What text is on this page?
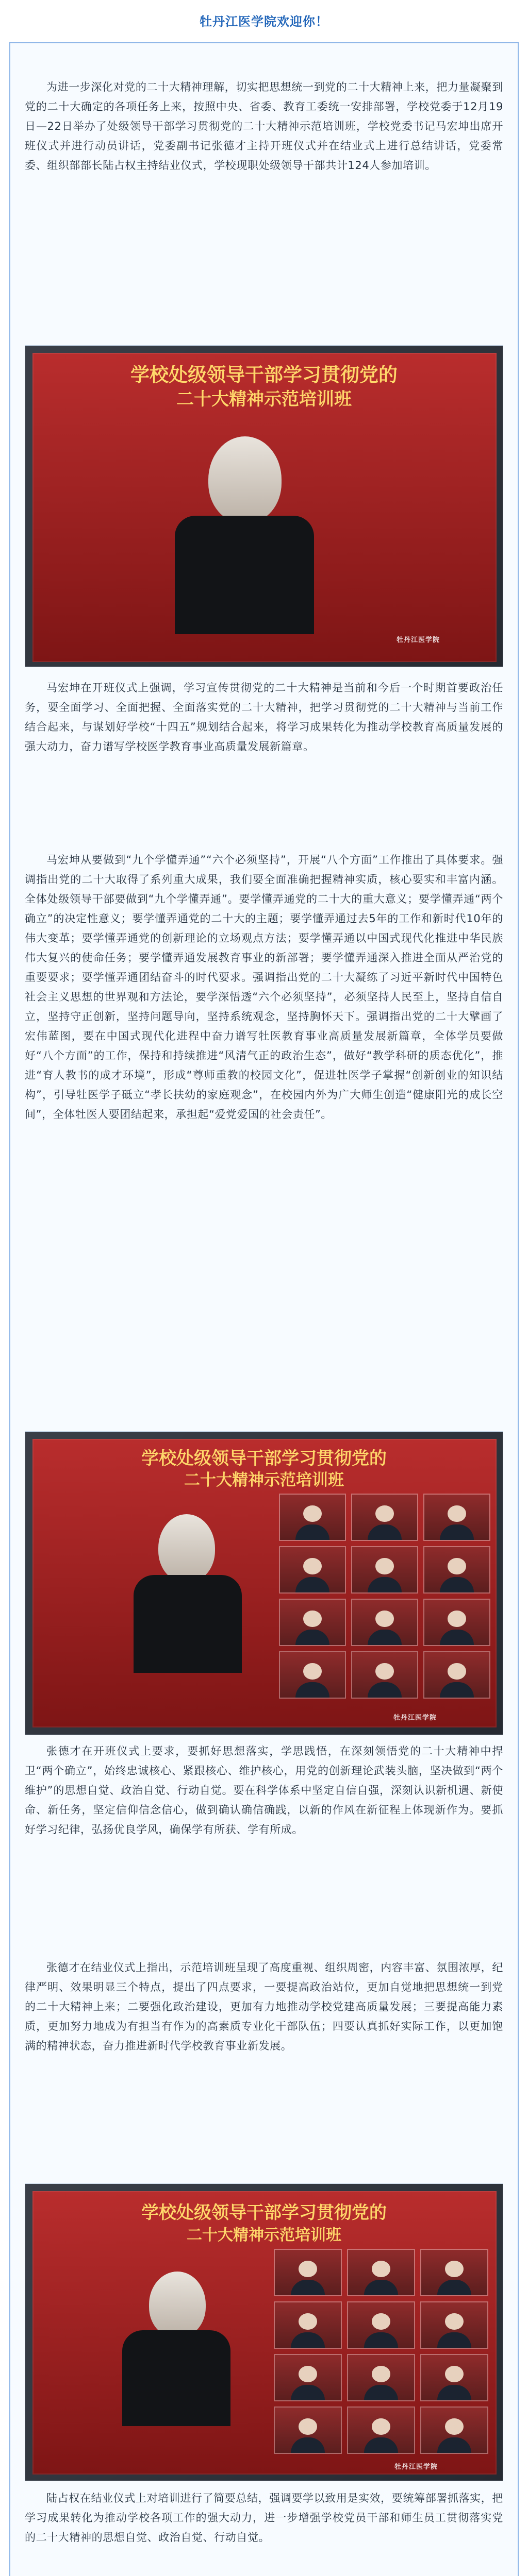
牡丹江医学院欢迎你！
为进一步深化对党的二十大精神理解，切实把思想统一到党的二十大精神上来，把力量凝聚到党的二十大确定的各项任务上来，按照中央、省委、教育工委统一安排部署，学校党委于12月19日—22日举办了处级领导干部学习贯彻党的二十大精神示范培训班，学校党委书记马宏坤出席开班仪式并进行动员讲话，党委副书记张德才主持开班仪式并在结业式上进行总结讲话，党委常委、组织部部长陆占权主持结业仪式，学校现职处级领导干部共计124人参加培训。
学校处级领导干部学习贯彻党的
二十大精神示范培训班
牡丹江医学院
马宏坤在开班仪式上强调，学习宣传贯彻党的二十大精神是当前和今后一个时期首要政治任务，要全面学习、全面把握、全面落实党的二十大精神，把学习贯彻党的二十大精神与当前工作结合起来，与谋划好学校“十四五”规划结合起来，将学习成果转化为推动学校教育高质量发展的强大动力，奋力谱写学校医学教育事业高质量发展新篇章。
马宏坤从要做到“九个学懂弄通”“六个必须坚持”，开展“八个方面”工作推出了具体要求。强调指出党的二十大取得了系列重大成果，我们要全面准确把握精神实质，核心要实和丰富内涵。全体处级领导干部要做到“九个学懂弄通”。要学懂弄通党的二十大的重大意义；要学懂弄通“两个确立”的决定性意义；要学懂弄通党的二十大的主题；要学懂弄通过去5年的工作和新时代10年的伟大变革；要学懂弄通党的创新理论的立场观点方法；要学懂弄通以中国式现代化推进中华民族伟大复兴的使命任务；要学懂弄通发展教育事业的新部署；要学懂弄通深入推进全面从严治党的重要要求；要学懂弄通团结奋斗的时代要求。强调指出党的二十大凝练了习近平新时代中国特色社会主义思想的世界观和方法论，要学深悟透“六个必须坚持”，必须坚持人民至上，坚持自信自立，坚持守正创新，坚持问题导向，坚持系统观念，坚持胸怀天下。强调指出党的二十大擘画了宏伟蓝图，要在中国式现代化进程中奋力谱写牡医教育事业高质量发展新篇章，全体学员要做好“八个方面”的工作，保持和持续推进“风清气正的政治生态”，做好“教学科研的质态优化”，推进“育人教书的成才环境”，形成“尊师重教的校园文化”，促进牡医学子掌握“创新创业的知识结构”，引导牡医学子砥立“孝长扶幼的家庭观念”，在校园内外为广大师生创造“健康阳光的成长空间”，全体牡医人要团结起来，承担起“爱党爱国的社会责任”。
学校处级领导干部学习贯彻党的
二十大精神示范培训班
牡丹江医学院
张德才在开班仪式上要求，要抓好思想落实，学思践悟，在深刻领悟党的二十大精神中捍卫“两个确立”，始终忠诚核心、紧跟核心、维护核心，用党的创新理论武装头脑，坚决做到“两个维护”的思想自觉、政治自觉、行动自觉。要在科学体系中坚定自信自强，深刻认识新机遇、新使命、新任务，坚定信仰信念信心，做到确认确信确践，以新的作风在新征程上体现新作为。要抓好学习纪律，弘扬优良学风，确保学有所获、学有所成。
张德才在结业仪式上指出，示范培训班呈现了高度重视、组织周密，内容丰富、氛围浓厚，纪律严明、效果明显三个特点，提出了四点要求，一要提高政治站位，更加自觉地把思想统一到党的二十大精神上来；二要强化政治建设，更加有力地推动学校党建高质量发展；三要提高能力素质，更加努力地成为有担当有作为的高素质专业化干部队伍；四要认真抓好实际工作，以更加饱满的精神状态，奋力推进新时代学校教育事业新发展。
学校处级领导干部学习贯彻党的
二十大精神示范培训班
牡丹江医学院
陆占权在结业仪式上对培训进行了简要总结，强调要学以致用是实效，要统筹部署抓落实，把学习成果转化为推动学校各项工作的强大动力，进一步增强学校党员干部和师生员工贯彻落实党的二十大精神的思想自觉、政治自觉、行动自觉。
